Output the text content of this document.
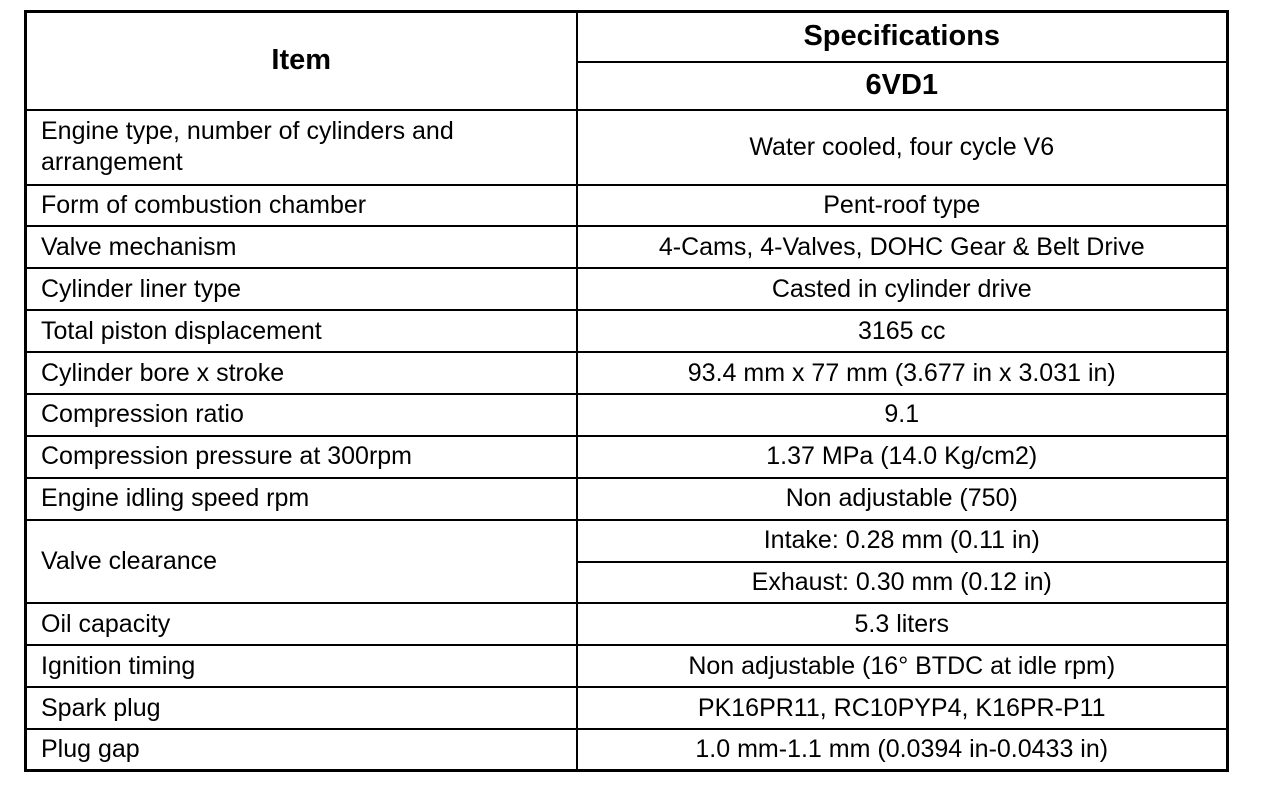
Item	Specifications
	6VD1
Engine type, number of cylinders and arrangement	Water cooled, four cycle V6
Form of combustion chamber	Pent-roof type
Valve mechanism	4-Cams, 4-Valves, DOHC Gear & Belt Drive
Cylinder liner type	Casted in cylinder drive
Total piston displacement	3165 cc
Cylinder bore x stroke	93.4 mm x 77 mm (3.677 in x 3.031 in)
Compression ratio	9.1
Compression pressure at 300rpm	1.37 MPa (14.0 Kg/cm2)
Engine idling speed rpm	Non adjustable (750)
Valve clearance	Intake: 0.28 mm (0.11 in)
	Exhaust: 0.30 mm (0.12 in)
Oil capacity	5.3 liters
Ignition timing	Non adjustable (16° BTDC at idle rpm)
Spark plug	PK16PR11, RC10PYP4, K16PR-P11
Plug gap	1.0 mm-1.1 mm (0.0394 in-0.0433 in)
